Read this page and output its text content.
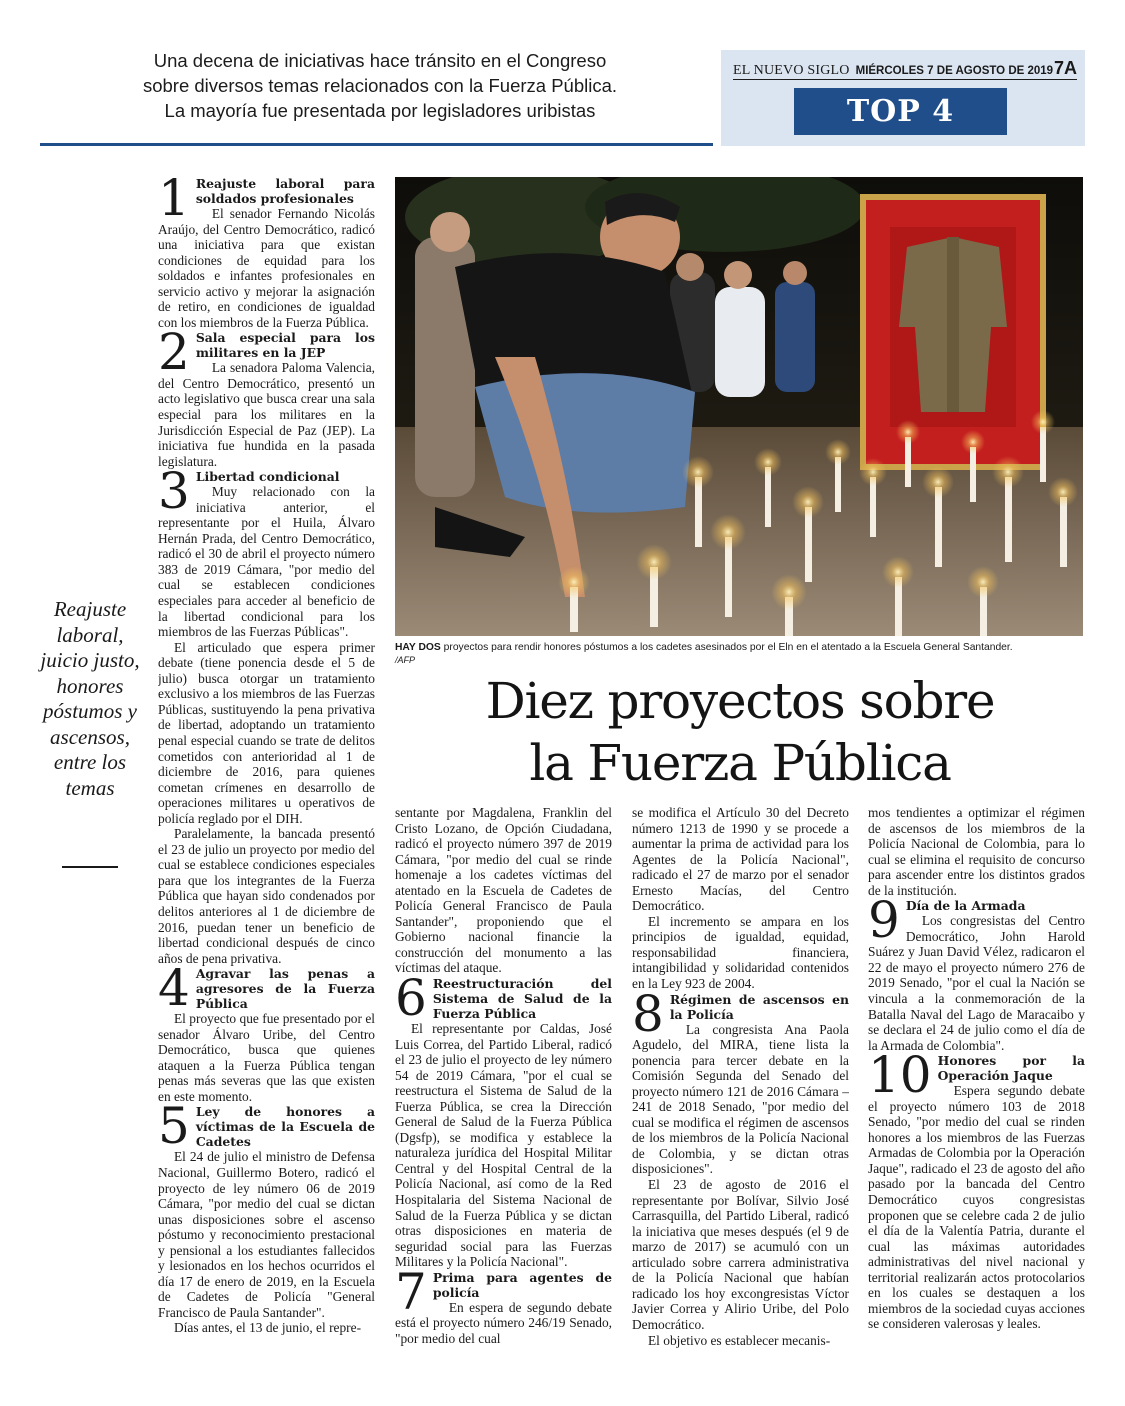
Una decena de iniciativas hace tránsito en el Congreso
sobre diversos temas relacionados con la Fuerza Pública.
La mayoría fue presentada por legisladores uribistas
EL NUEVO SIGLO MIÉRCOLES 7 DE AGOSTO DE 2019 7A
TOP 4
Reajuste laboral, juicio justo, honores póstumos y ascensos, entre los temas
HAY DOS proyectos para rendir honores póstumos a los cadetes asesinados por el Eln en el atentado a la Escuela General Santander.
/AFP
Diez proyectos sobre
la Fuerza Pública
1 Reajuste laboral para soldados profesionales

El senador Fernando Nicolás Araújo, del Centro Democrático, radicó una iniciativa para que existan condiciones de equidad para los soldados e infantes profesionales en servicio activo y mejorar la asignación de retiro, en condiciones de igualdad con los miembros de la Fuerza Pública.

2 Sala especial para los militares en la JEP

La senadora Paloma Valencia, del Centro Democrático, presentó un acto legislativo que busca crear una sala especial para los militares en la Jurisdicción Especial de Paz (JEP). La iniciativa fue hundida en la pasada legislatura.

3 Libertad condicional

Muy relacionado con la iniciativa anterior, el representante por el Huila, Álvaro Hernán Prada, del Centro Democrático, radicó el 30 de abril el proyecto número 383 de 2019 Cámara, "por medio del cual se establecen condiciones especiales para acceder al beneficio de la libertad condicional para los miembros de las Fuerzas Públicas".

El articulado que espera primer debate (tiene ponencia desde el 5 de julio) busca otorgar un tratamiento exclusivo a los miembros de las Fuerzas Públicas, sustituyendo la pena privativa de libertad, adoptando un tratamiento penal especial cuando se trate de delitos cometidos con anterioridad al 1 de diciembre de 2016, para quienes cometan crímenes en desarrollo de operaciones militares u operativos de policía reglado por el DIH.

Paralelamente, la bancada presentó el 23 de julio un proyecto por medio del cual se establece condiciones especiales para que los integrantes de la Fuerza Pública que hayan sido condenados por delitos anteriores al 1 de diciembre de 2016, puedan tener un beneficio de libertad condicional después de cinco años de pena privativa.

4 Agravar las penas a agresores de la Fuerza Pública

El proyecto que fue presentado por el senador Álvaro Uribe, del Centro Democrático, busca que quienes ataquen a la Fuerza Pública tengan penas más severas que las que existen en este momento.

5 Ley de honores a víctimas de la Escuela de Cadetes

El 24 de julio el ministro de Defensa Nacional, Guillermo Botero, radicó el proyecto de ley número 06 de 2019 Cámara, "por medio del cual se dictan unas disposiciones sobre el ascenso póstumo y reconocimiento prestacional y pensional a los estudiantes fallecidos y lesionados en los hechos ocurridos el día 17 de enero de 2019, en la Escuela de Cadetes de Policía "General Francisco de Paula Santander".

Días antes, el 13 de junio, el repre-

sentante por Magdalena, Franklin del Cristo Lozano, de Opción Ciudadana, radicó el proyecto número 397 de 2019 Cámara, "por medio del cual se rinde homenaje a los cadetes víctimas del atentado en la Escuela de Cadetes de Policía General Francisco de Paula Santander", proponiendo que el Gobierno nacional financie la construcción del monumento a las víctimas del ataque.

6 Reestructuración del Sistema de Salud de la Fuerza Pública

El representante por Caldas, José Luis Correa, del Partido Liberal, radicó el 23 de julio el proyecto de ley número 54 de 2019 Cámara, "por el cual se reestructura el Sistema de Salud de la Fuerza Pública, se crea la Dirección General de Salud de la Fuerza Pública (Dgsfp), se modifica y establece la naturaleza jurídica del Hospital Militar Central y del Hospital Central de la Policía Nacional, así como de la Red Hospitalaria del Sistema Nacional de Salud de la Fuerza Pública y se dictan otras disposiciones en materia de seguridad social para las Fuerzas Militares y la Policía Nacional".

7 Prima para agentes de policía

En espera de segundo debate está el proyecto número 246/19 Senado, "por medio del cual

se modifica el Artículo 30 del Decreto número 1213 de 1990 y se procede a aumentar la prima de actividad para los Agentes de la Policía Nacional", radicado el 27 de marzo por el senador Ernesto Macías, del Centro Democrático.

El incremento se ampara en los principios de igualdad, equidad, responsabilidad financiera, intangibilidad y solidaridad contenidos en la Ley 923 de 2004.

8 Régimen de ascensos en la Policía

La congresista Ana Paola Agudelo, del MIRA, tiene lista la ponencia para tercer debate en la Comisión Segunda del Senado del proyecto número 121 de 2016 Cámara – 241 de 2018 Senado, "por medio del cual se modifica el régimen de ascensos de los miembros de la Policía Nacional de Colombia, y se dictan otras disposiciones".

El 23 de agosto de 2016 el representante por Bolívar, Silvio José Carrasquilla, del Partido Liberal, radicó la iniciativa que meses después (el 9 de marzo de 2017) se acumuló con un articulado sobre carrera administrativa de la Policía Nacional que habían radicado los hoy excongresistas Víctor Javier Correa y Alirio Uribe, del Polo Democrático.

El objetivo es establecer mecanis-

mos tendientes a optimizar el régimen de ascensos de los miembros de la Policía Nacional de Colombia, para lo cual se elimina el requisito de concurso para ascender entre los distintos grados de la institución.

9 Día de la Armada

Los congresistas del Centro Democrático, John Harold Suárez y Juan David Vélez, radicaron el 22 de mayo el proyecto número 276 de 2019 Senado, "por el cual la Nación se vincula a la conmemoración de la Batalla Naval del Lago de Maracaibo y se declara el 24 de julio como el día de la Armada de Colombia".

10 Honores por la Operación Jaque

Espera segundo debate el proyecto número 103 de 2018 Senado, "por medio del cual se rinden honores a los miembros de las Fuerzas Armadas de Colombia por la Operación Jaque", radicado el 23 de agosto del año pasado por la bancada del Centro Democrático cuyos congresistas proponen que se celebre cada 2 de julio el día de la Valentía Patria, durante el cual las máximas autoridades administrativas del nivel nacional y territorial realizarán actos protocolarios en los cuales se destaquen a los miembros de la sociedad cuyas acciones se consideren valerosas y leales.
